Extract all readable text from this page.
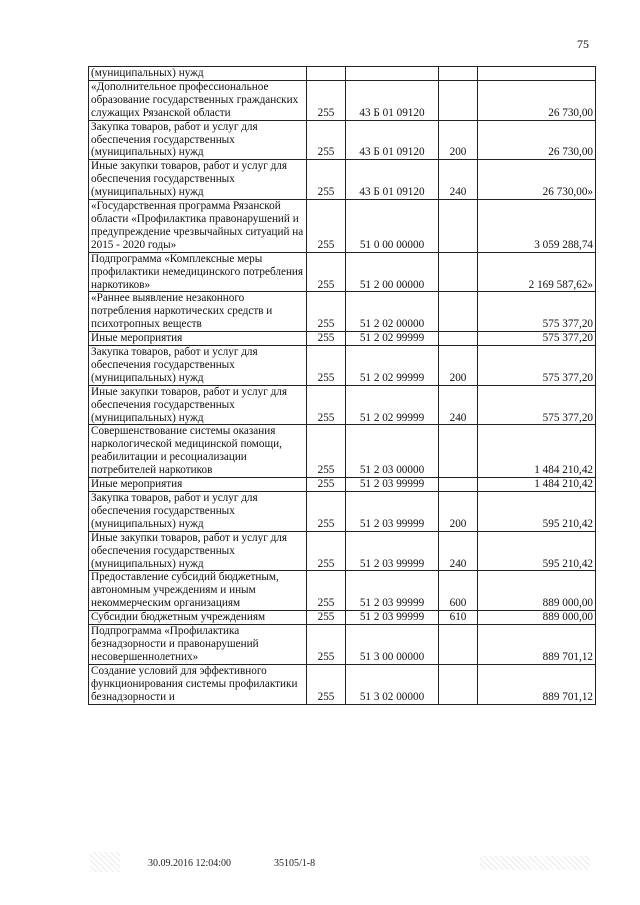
75
(муниципальных) нужд				
«Дополнительное профессиональное образование государственных гражданских служащих Рязанской области	255	43 Б 01 09120		26 730,00
Закупка товаров, работ и услуг для обеспечения государственных (муниципальных) нужд	255	43 Б 01 09120	200	26 730,00
Иные закупки товаров, работ и услуг для обеспечения государственных (муниципальных) нужд	255	43 Б 01 09120	240	26 730,00»
«Государственная программа Рязанской области «Профилактика правонарушений и предупреждение чрезвычайных ситуаций на 2015 - 2020 годы»	255	51 0 00 00000		3 059 288,74
Подпрограмма «Комплексные меры профилактики немедицинского потребления наркотиков»	255	51 2 00 00000		2 169 587,62»
«Раннее выявление незаконного потребления наркотических средств и психотропных веществ	255	51 2 02 00000		575 377,20
Иные мероприятия	255	51 2 02 99999		575 377,20
Закупка товаров, работ и услуг для обеспечения государственных (муниципальных) нужд	255	51 2 02 99999	200	575 377,20
Иные закупки товаров, работ и услуг для обеспечения государственных (муниципальных) нужд	255	51 2 02 99999	240	575 377,20
Совершенствование системы оказания наркологической медицинской помощи, реабилитации и ресоциализации потребителей наркотиков	255	51 2 03 00000		1 484 210,42
Иные мероприятия	255	51 2 03 99999		1 484 210,42
Закупка товаров, работ и услуг для обеспечения государственных (муниципальных) нужд	255	51 2 03 99999	200	595 210,42
Иные закупки товаров, работ и услуг для обеспечения государственных (муниципальных) нужд	255	51 2 03 99999	240	595 210,42
Предоставление субсидий бюджетным, автономным учреждениям и иным некоммерческим организациям	255	51 2 03 99999	600	889 000,00
Субсидии бюджетным учреждениям	255	51 2 03 99999	610	889 000,00
Подпрограмма «Профилактика безнадзорности и правонарушений несовершеннолетних»	255	51 3 00 00000		889 701,12
Создание условий для эффективного функционирования системы профилактики безнадзорности и	255	51 3 02 00000		889 701,12
30.09.2016 12:04:00	35105/1-8
